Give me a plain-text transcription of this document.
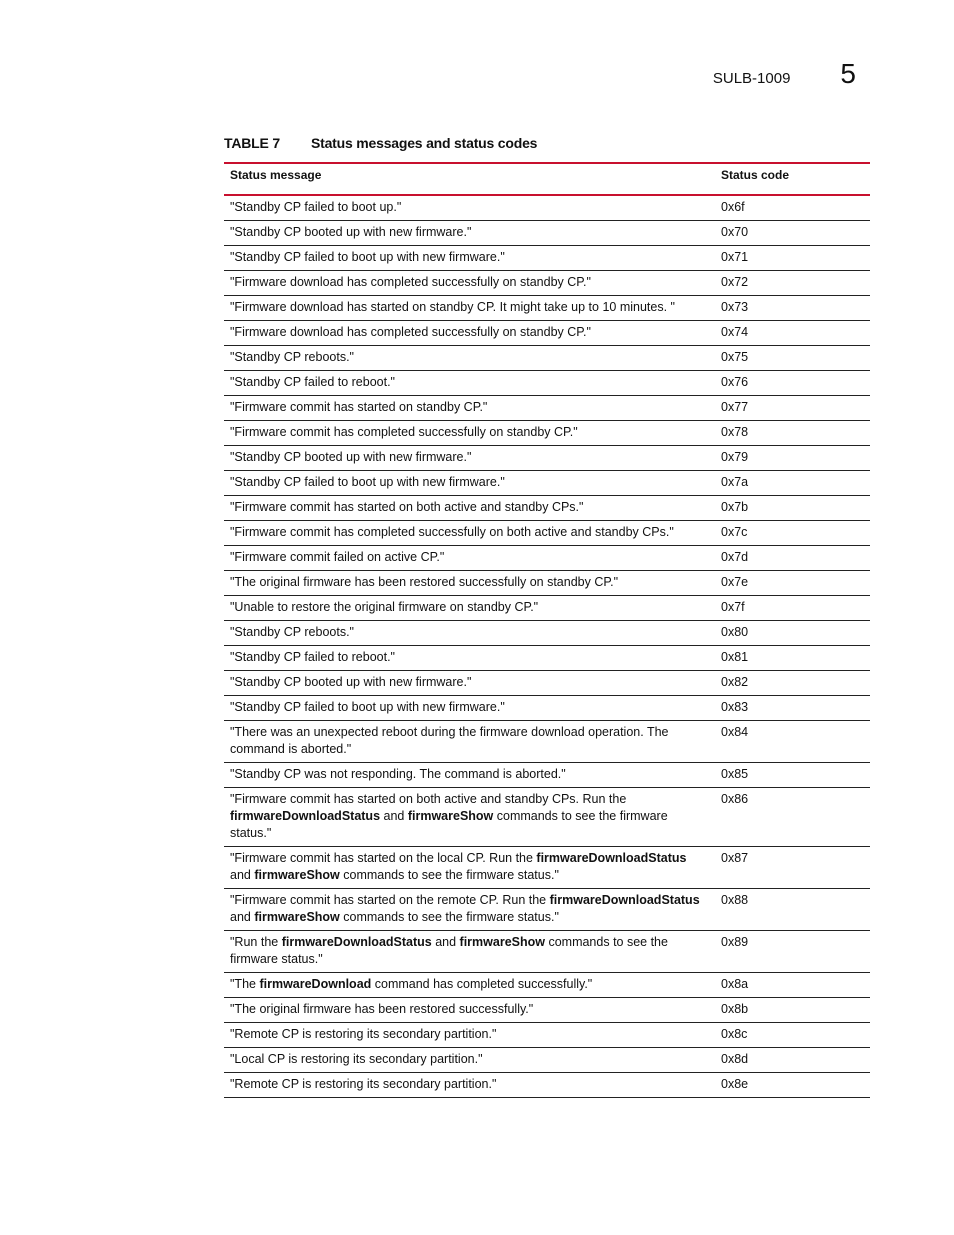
SULB-1009 5
TABLE 7 Status messages and status codes
Status message	Status code
"Standby CP failed to boot up."	0x6f
"Standby CP booted up with new firmware."	0x70
"Standby CP failed to boot up with new firmware."	0x71
"Firmware download has completed successfully on standby CP."	0x72
"Firmware download has started on standby CP. It might take up to 10 minutes. "	0x73
"Firmware download has completed successfully on standby CP."	0x74
"Standby CP reboots."	0x75
"Standby CP failed to reboot."	0x76
"Firmware commit has started on standby CP."	0x77
"Firmware commit has completed successfully on standby CP."	0x78
"Standby CP booted up with new firmware."	0x79
"Standby CP failed to boot up with new firmware."	0x7a
"Firmware commit has started on both active and standby CPs."	0x7b
"Firmware commit has completed successfully on both active and standby CPs."	0x7c
"Firmware commit failed on active CP."	0x7d
"The original firmware has been restored successfully on standby CP."	0x7e
"Unable to restore the original firmware on standby CP."	0x7f
"Standby CP reboots."	0x80
"Standby CP failed to reboot."	0x81
"Standby CP booted up with new firmware."	0x82
"Standby CP failed to boot up with new firmware."	0x83
"There was an unexpected reboot during the firmware download operation. The command is aborted."	0x84
"Standby CP was not responding. The command is aborted."	0x85
"Firmware commit has started on both active and standby CPs. Run the firmwareDownloadStatus and firmwareShow commands to see the firmware status."	0x86
"Firmware commit has started on the local CP. Run the firmwareDownloadStatus and firmwareShow commands to see the firmware status."	0x87
"Firmware commit has started on the remote CP. Run the firmwareDownloadStatus and firmwareShow commands to see the firmware status."	0x88
"Run the firmwareDownloadStatus and firmwareShow commands to see the firmware status."	0x89
"The firmwareDownload command has completed successfully."	0x8a
"The original firmware has been restored successfully."	0x8b
"Remote CP is restoring its secondary partition."	0x8c
"Local CP is restoring its secondary partition."	0x8d
"Remote CP is restoring its secondary partition."	0x8e
